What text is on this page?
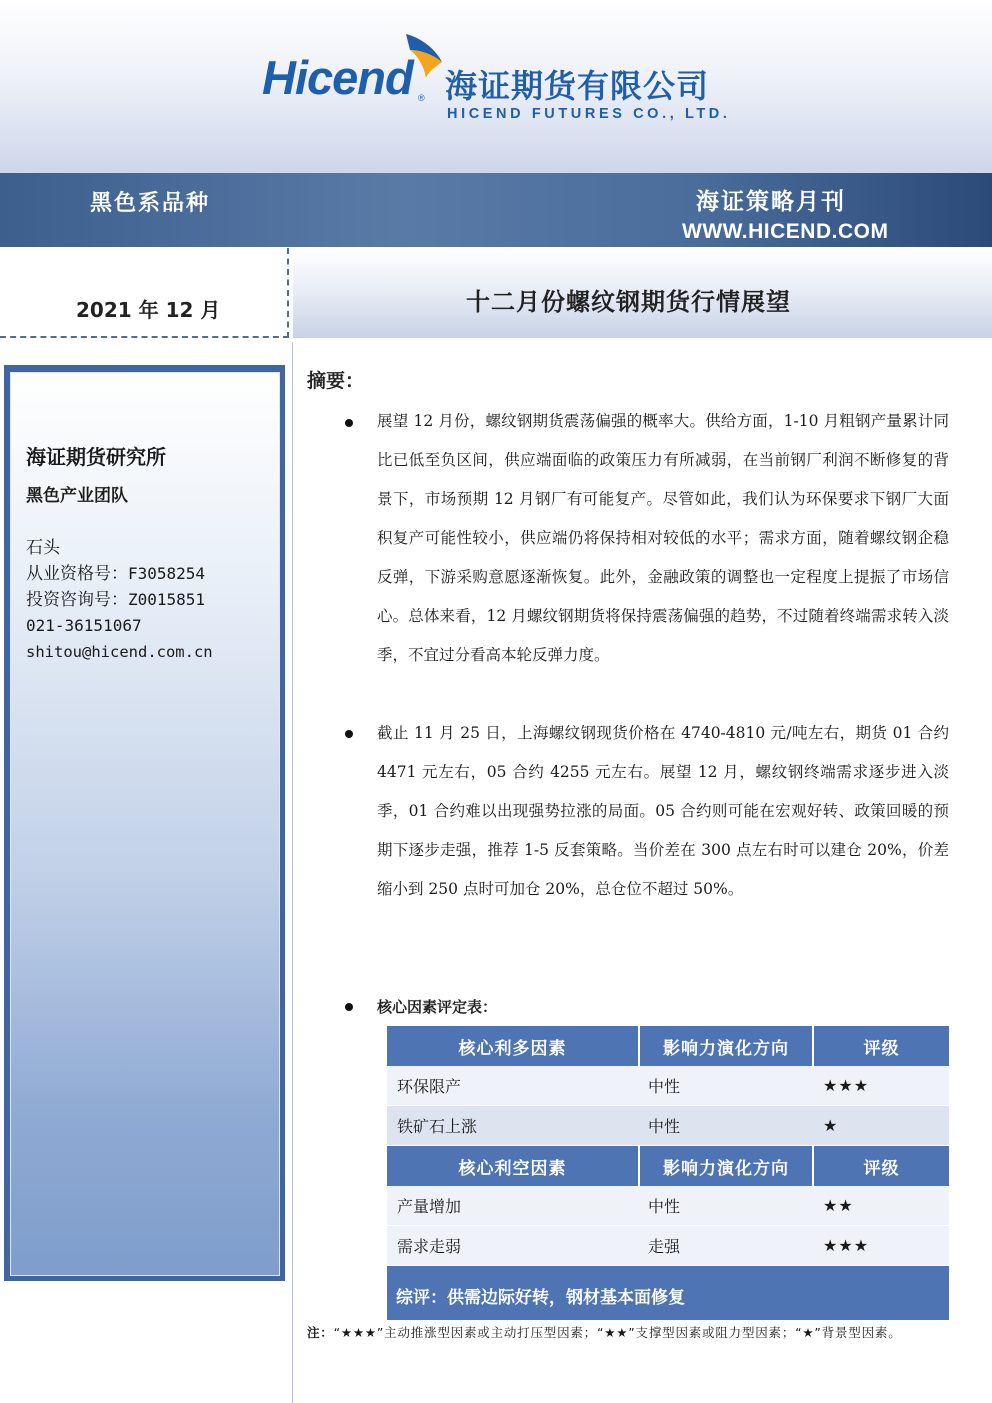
Hicend ® 海证期货有限公司
HICEND FUTURES CO., LTD.
黑色系品种	海证策略月刊
WWW.HICEND.COM
2021 年 12 月	十二月份螺纹钢期货行情展望
海证期货研究所
黑色产业团队
石头
从业资格号：F3058254
投资咨询号：Z0015851
021-36151067
shitou@hicend.com.cn
摘要：

展望 12 月份，螺纹钢期货震荡偏强的概率大。供给方面，1-10 月粗钢产量累计同比已低至负区间，供应端面临的政策压力有所减弱，在当前钢厂利润不断修复的背景下，市场预期 12 月钢厂有可能复产。尽管如此，我们认为环保要求下钢厂大面积复产可能性较小，供应端仍将保持相对较低的水平；需求方面，随着螺纹钢企稳反弹，下游采购意愿逐渐恢复。此外，金融政策的调整也一定程度上提振了市场信心。总体来看，12 月螺纹钢期货将保持震荡偏强的趋势，不过随着终端需求转入淡季，不宜过分看高本轮反弹力度。

截止 11 月 25 日，上海螺纹钢现货价格在 4740-4810 元/吨左右，期货 01 合约 4471 元左右，05 合约 4255 元左右。展望 12 月，螺纹钢终端需求逐步进入淡季，01 合约难以出现强势拉涨的局面。05 合约则可能在宏观好转、政策回暖的预期下逐步走强，推荐 1-5 反套策略。当价差在 300 点左右时可以建仓 20%，价差缩小到 250 点时可加仓 20%，总仓位不超过 50%。

核心因素评定表：
核心利多因素	影响力演化方向	评级
环保限产	中性	★★★
铁矿石上涨	中性	★
核心利空因素	影响力演化方向	评级
产量增加	中性	★★
需求走弱	走强	★★★
综评：供需边际好转，钢材基本面修复		
注：“★★★”主动推涨型因素或主动打压型因素；“★★”支撑型因素或阻力型因素；“★”背景型因素。
